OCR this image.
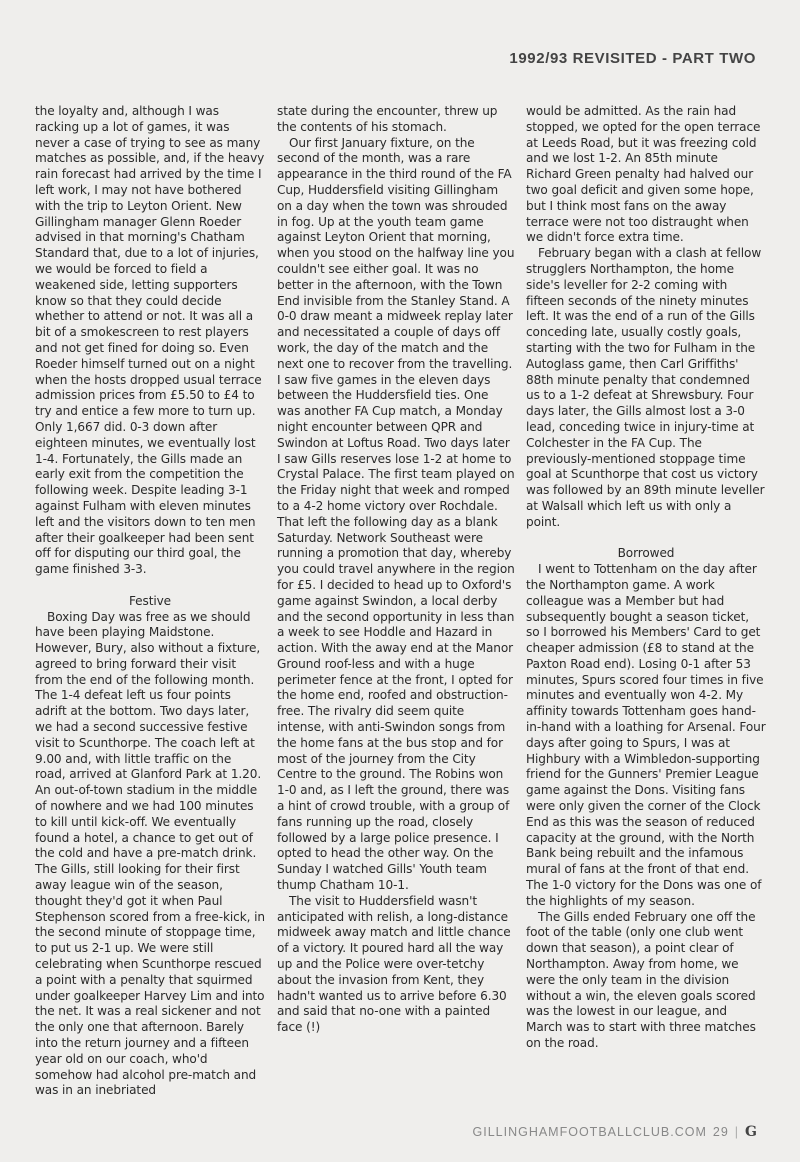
1992/93 REVISITED - PART TWO

the loyalty and, although I was racking up a lot of games, it was never a case of trying to see as many matches as possible, and, if the heavy rain forecast had arrived by the time I left work, I may not have bothered with the trip to Leyton Orient. New Gillingham manager Glenn Roeder advised in that morning's Chatham Standard that, due to a lot of injuries, we would be forced to field a weakened side, letting supporters know so that they could decide whether to attend or not. It was all a bit of a smokescreen to rest players and not get fined for doing so. Even Roeder himself turned out on a night when the hosts dropped usual terrace admission prices from £5.50 to £4 to try and entice a few more to turn up. Only 1,667 did. 0-3 down after eighteen minutes, we eventually lost 1-4. Fortunately, the Gills made an early exit from the competition the following week. Despite leading 3-1 against Fulham with eleven minutes left and the visitors down to ten men after their goalkeeper had been sent off for disputing our third goal, the game finished 3-3.

Festive

Boxing Day was free as we should have been playing Maidstone. However, Bury, also without a fixture, agreed to bring forward their visit from the end of the following month. The 1-4 defeat left us four points adrift at the bottom. Two days later, we had a second successive festive visit to Scunthorpe. The coach left at 9.00 and, with little traffic on the road, arrived at Glanford Park at 1.20. An out-of-town stadium in the middle of nowhere and we had 100 minutes to kill until kick-off. We eventually found a hotel, a chance to get out of the cold and have a pre-match drink. The Gills, still looking for their first away league win of the season, thought they'd got it when Paul Stephenson scored from a free-kick, in the second minute of stoppage time, to put us 2-1 up. We were still celebrating when Scunthorpe rescued a point with a penalty that squirmed under goalkeeper Harvey Lim and into the net. It was a real sickener and not the only one that afternoon. Barely into the return journey and a fifteen year old on our coach, who'd somehow had alcohol pre-match and was in an inebriated

state during the encounter, threw up the contents of his stomach.

Our first January fixture, on the second of the month, was a rare appearance in the third round of the FA Cup, Huddersfield visiting Gillingham on a day when the town was shrouded in fog. Up at the youth team game against Leyton Orient that morning, when you stood on the halfway line you couldn't see either goal. It was no better in the afternoon, with the Town End invisible from the Stanley Stand. A 0-0 draw meant a midweek replay later and necessitated a couple of days off work, the day of the match and the next one to recover from the travelling. I saw five games in the eleven days between the Huddersfield ties. One was another FA Cup match, a Monday night encounter between QPR and Swindon at Loftus Road. Two days later I saw Gills reserves lose 1-2 at home to Crystal Palace. The first team played on the Friday night that week and romped to a 4-2 home victory over Rochdale. That left the following day as a blank Saturday. Network Southeast were running a promotion that day, whereby you could travel anywhere in the region for £5. I decided to head up to Oxford's game against Swindon, a local derby and the second opportunity in less than a week to see Hoddle and Hazard in action. With the away end at the Manor Ground roof-less and with a huge perimeter fence at the front, I opted for the home end, roofed and obstruction-free. The rivalry did seem quite intense, with anti-Swindon songs from the home fans at the bus stop and for most of the journey from the City Centre to the ground. The Robins won 1-0 and, as I left the ground, there was a hint of crowd trouble, with a group of fans running up the road, closely followed by a large police presence. I opted to head the other way. On the Sunday I watched Gills' Youth team thump Chatham 10-1.

The visit to Huddersfield wasn't anticipated with relish, a long-distance midweek away match and little chance of a victory. It poured hard all the way up and the Police were over-tetchy about the invasion from Kent, they hadn't wanted us to arrive before 6.30 and said that no-one with a painted face (!)

would be admitted. As the rain had stopped, we opted for the open terrace at Leeds Road, but it was freezing cold and we lost 1-2. An 85th minute Richard Green penalty had halved our two goal deficit and given some hope, but I think most fans on the away terrace were not too distraught when we didn't force extra time.

February began with a clash at fellow strugglers Northampton, the home side's leveller for 2-2 coming with fifteen seconds of the ninety minutes left. It was the end of a run of the Gills conceding late, usually costly goals, starting with the two for Fulham in the Autoglass game, then Carl Griffiths' 88th minute penalty that condemned us to a 1-2 defeat at Shrewsbury. Four days later, the Gills almost lost a 3-0 lead, conceding twice in injury-time at Colchester in the FA Cup. The previously-mentioned stoppage time goal at Scunthorpe that cost us victory was followed by an 89th minute leveller at Walsall which left us with only a point.

Borrowed

I went to Tottenham on the day after the Northampton game. A work colleague was a Member but had subsequently bought a season ticket, so I borrowed his Members' Card to get cheaper admission (£8 to stand at the Paxton Road end). Losing 0-1 after 53 minutes, Spurs scored four times in five minutes and eventually won 4-2. My affinity towards Tottenham goes hand-in-hand with a loathing for Arsenal. Four days after going to Spurs, I was at Highbury with a Wimbledon-supporting friend for the Gunners' Premier League game against the Dons. Visiting fans were only given the corner of the Clock End as this was the season of reduced capacity at the ground, with the North Bank being rebuilt and the infamous mural of fans at the front of that end. The 1-0 victory for the Dons was one of the highlights of my season.

The Gills ended February one off the foot of the table (only one club went down that season), a point clear of Northampton. Away from home, we were the only team in the division without a win, the eleven goals scored was the lowest in our league, and March was to start with three matches on the road.

GILLINGHAMFOOTBALLCLUB.COM 29 | G
